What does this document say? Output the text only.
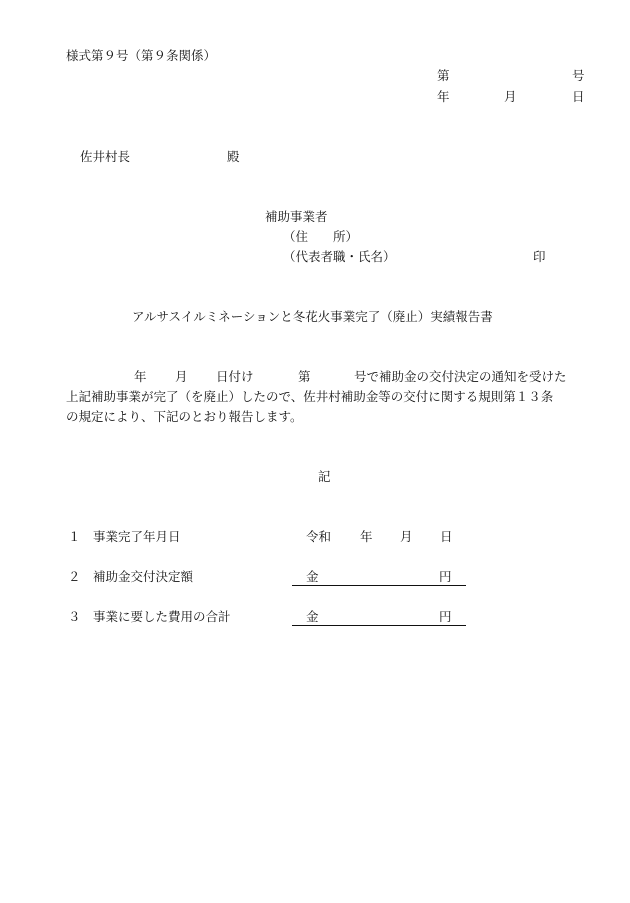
様式第９号（第９条関係）
第	号
年	月	日
佐井村長	殿
補助事業者
（住　　所）
（代表者職・氏名）	印
アルサスイルミネーションと冬花火事業完了（廃止）実績報告書
年 月 日付け	第	号で補助金の交付決定の通知を受けた
上記補助事業が完了（を廃止）したので、佐井村補助金等の交付に関する規則第１３条
の規定により、下記のとおり報告します。
記
１ 事業完了年月日	令和 年 月 日
２ 補助金交付決定額	金	円
３ 事業に要した費用の合計	金	円
